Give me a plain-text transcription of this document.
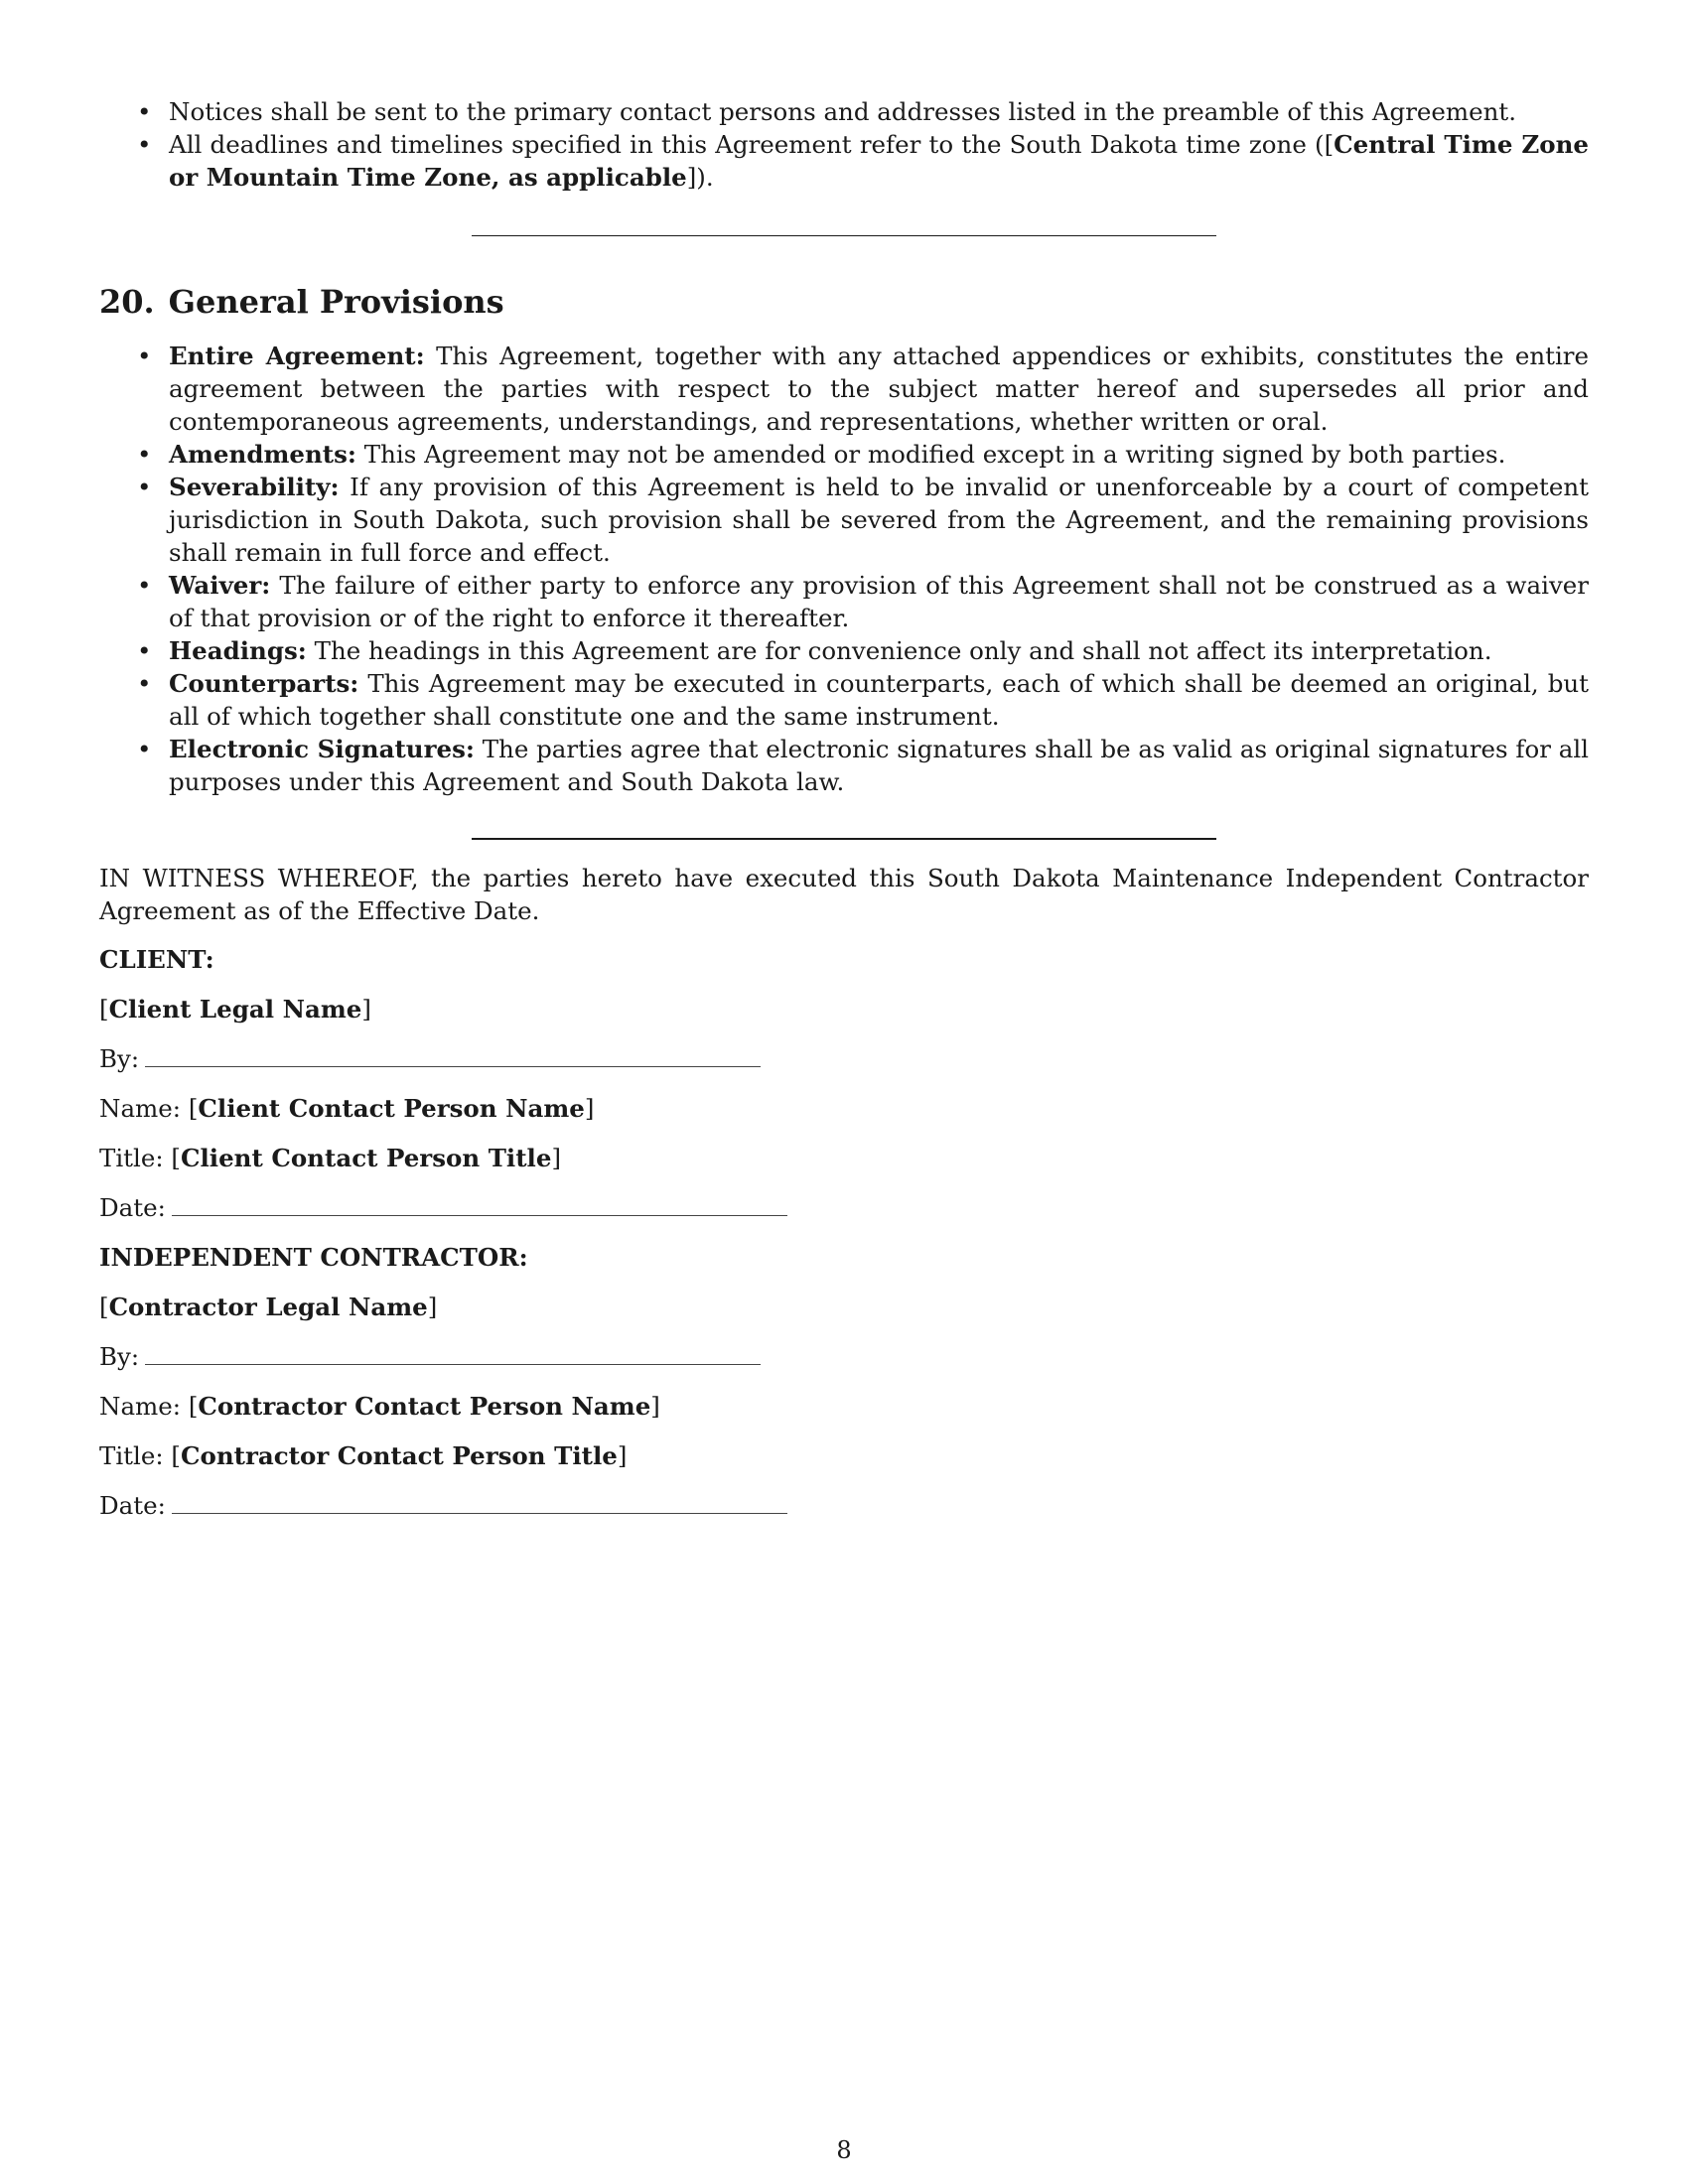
• Notices shall be sent to the primary contact persons and addresses listed in the preamble of this Agreement.
• All deadlines and timelines specified in this Agreement refer to the South Dakota time zone ([Central Time Zone or Mountain Time Zone, as applicable]).
20. General Provisions
• Entire Agreement: This Agreement, together with any attached appendices or exhibits, constitutes the entire agreement between the parties with respect to the subject matter hereof and supersedes all prior and contemporaneous agreements, understandings, and representations, whether written or oral.
• Amendments: This Agreement may not be amended or modified except in a writing signed by both parties.
• Severability: If any provision of this Agreement is held to be invalid or unenforceable by a court of competent jurisdiction in South Dakota, such provision shall be severed from the Agreement, and the remaining provisions shall remain in full force and effect.
• Waiver: The failure of either party to enforce any provision of this Agreement shall not be construed as a waiver of that provision or of the right to enforce it thereafter.
• Headings: The headings in this Agreement are for convenience only and shall not affect its interpretation.
• Counterparts: This Agreement may be executed in counterparts, each of which shall be deemed an original, but all of which together shall constitute one and the same instrument.
• Electronic Signatures: The parties agree that electronic signatures shall be as valid as original signatures for all purposes under this Agreement and South Dakota law.

IN WITNESS WHEREOF, the parties hereto have executed this South Dakota Maintenance Independent Contractor Agreement as of the Effective Date.

CLIENT:
[Client Legal Name]
By:
Name: [Client Contact Person Name]
Title: [Client Contact Person Title]
Date:
INDEPENDENT CONTRACTOR:
[Contractor Legal Name]
By:
Name: [Contractor Contact Person Name]
Title: [Contractor Contact Person Title]
Date:
8
